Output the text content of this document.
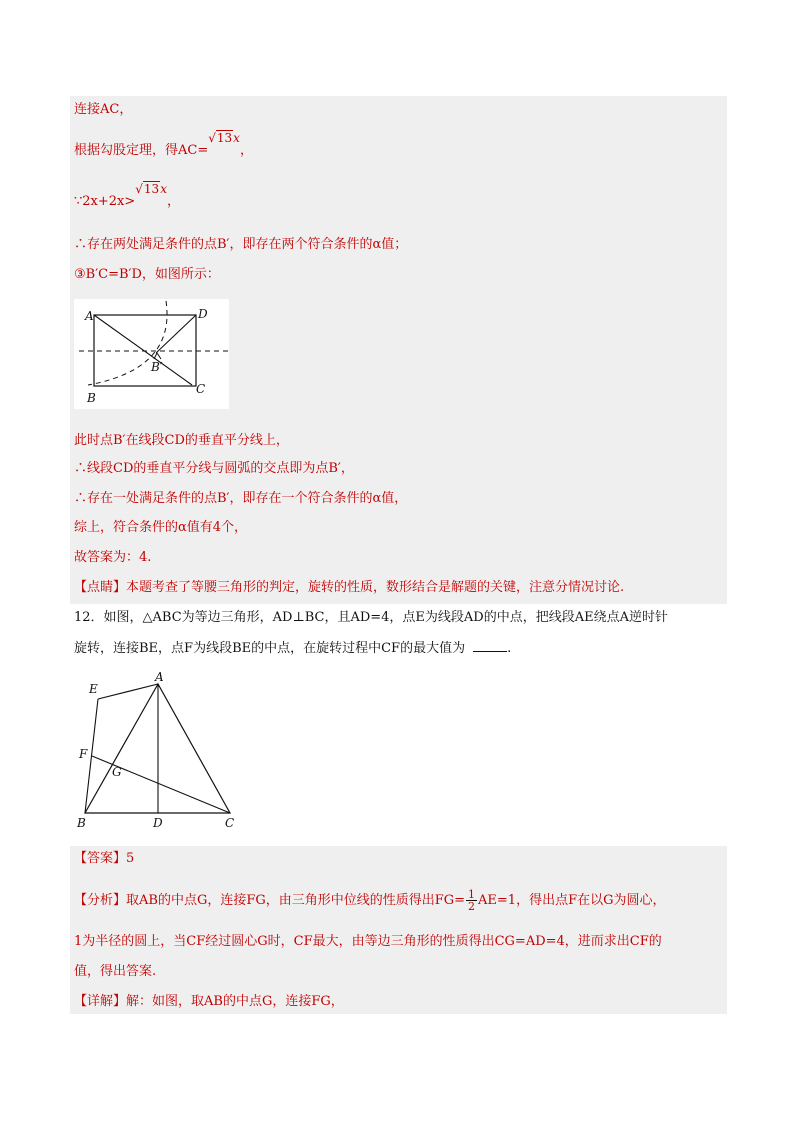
连接AC，
根据勾股定理，得AC=√13x，
∵2x+2x>√13x，
∴存在两处满足条件的点B′，即存在两个符合条件的α值；
③B′C=B′D，如图所示：
A	D
B′
C
B
此时点B′在线段CD的垂直平分线上，
∴线段CD的垂直平分线与圆弧的交点即为点B′，
∴存在一处满足条件的点B′，即存在一个符合条件的α值，
综上，符合条件的α值有4个，
故答案为：4.
【点睛】本题考查了等腰三角形的判定，旋转的性质，数形结合是解题的关键，注意分情况讨论.
12．如图，△ABC为等边三角形，AD⊥BC，且AD=4，点E为线段AD的中点，把线段AE绕点A逆时针
旋转，连接BE，点F为线段BE的中点，在旋转过程中CF的最大值为	.
E
A
F
G
B	D	C
【答案】5
【分析】取AB的中点G，连接FG，由三角形中位线的性质得出$FG= \frac{1}{2} AE=1$，得出点F在以G为圆心，
1为半径的圆上，当CF经过圆心G时，CF最大，由等边三角形的性质得出CG=AD=4，进而求出CF的
值，得出答案.
【详解】解：如图，取AB的中点G，连接FG，
